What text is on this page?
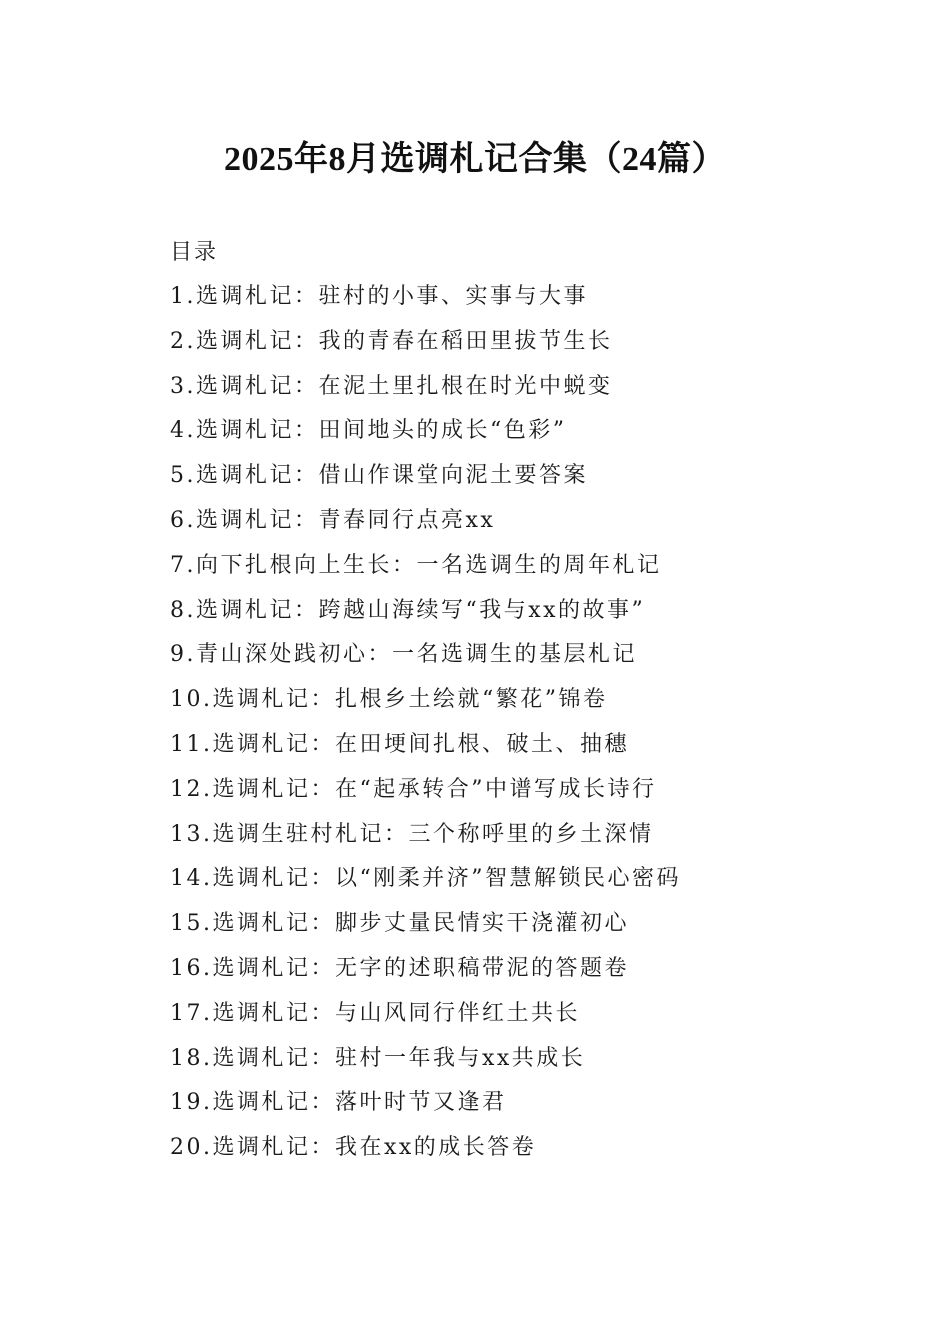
2025年8月选调札记合集（24篇）
目录
1.选调札记：驻村的小事、实事与大事
2.选调札记：我的青春在稻田里拔节生长
3.选调札记：在泥土里扎根在时光中蜕变
4.选调札记：田间地头的成长“色彩”
5.选调札记：借山作课堂向泥土要答案
6.选调札记：青春同行点亮xx
7.向下扎根向上生长：一名选调生的周年札记
8.选调札记：跨越山海续写“我与xx的故事”
9.青山深处践初心：一名选调生的基层札记
10.选调札记：扎根乡土绘就“繁花”锦卷
11.选调札记：在田埂间扎根、破土、抽穗
12.选调札记：在“起承转合”中谱写成长诗行
13.选调生驻村札记：三个称呼里的乡土深情
14.选调札记：以“刚柔并济”智慧解锁民心密码
15.选调札记：脚步丈量民情实干浇灌初心
16.选调札记：无字的述职稿带泥的答题卷
17.选调札记：与山风同行伴红土共长
18.选调札记：驻村一年我与xx共成长
19.选调札记：落叶时节又逢君
20.选调札记：我在xx的成长答卷
